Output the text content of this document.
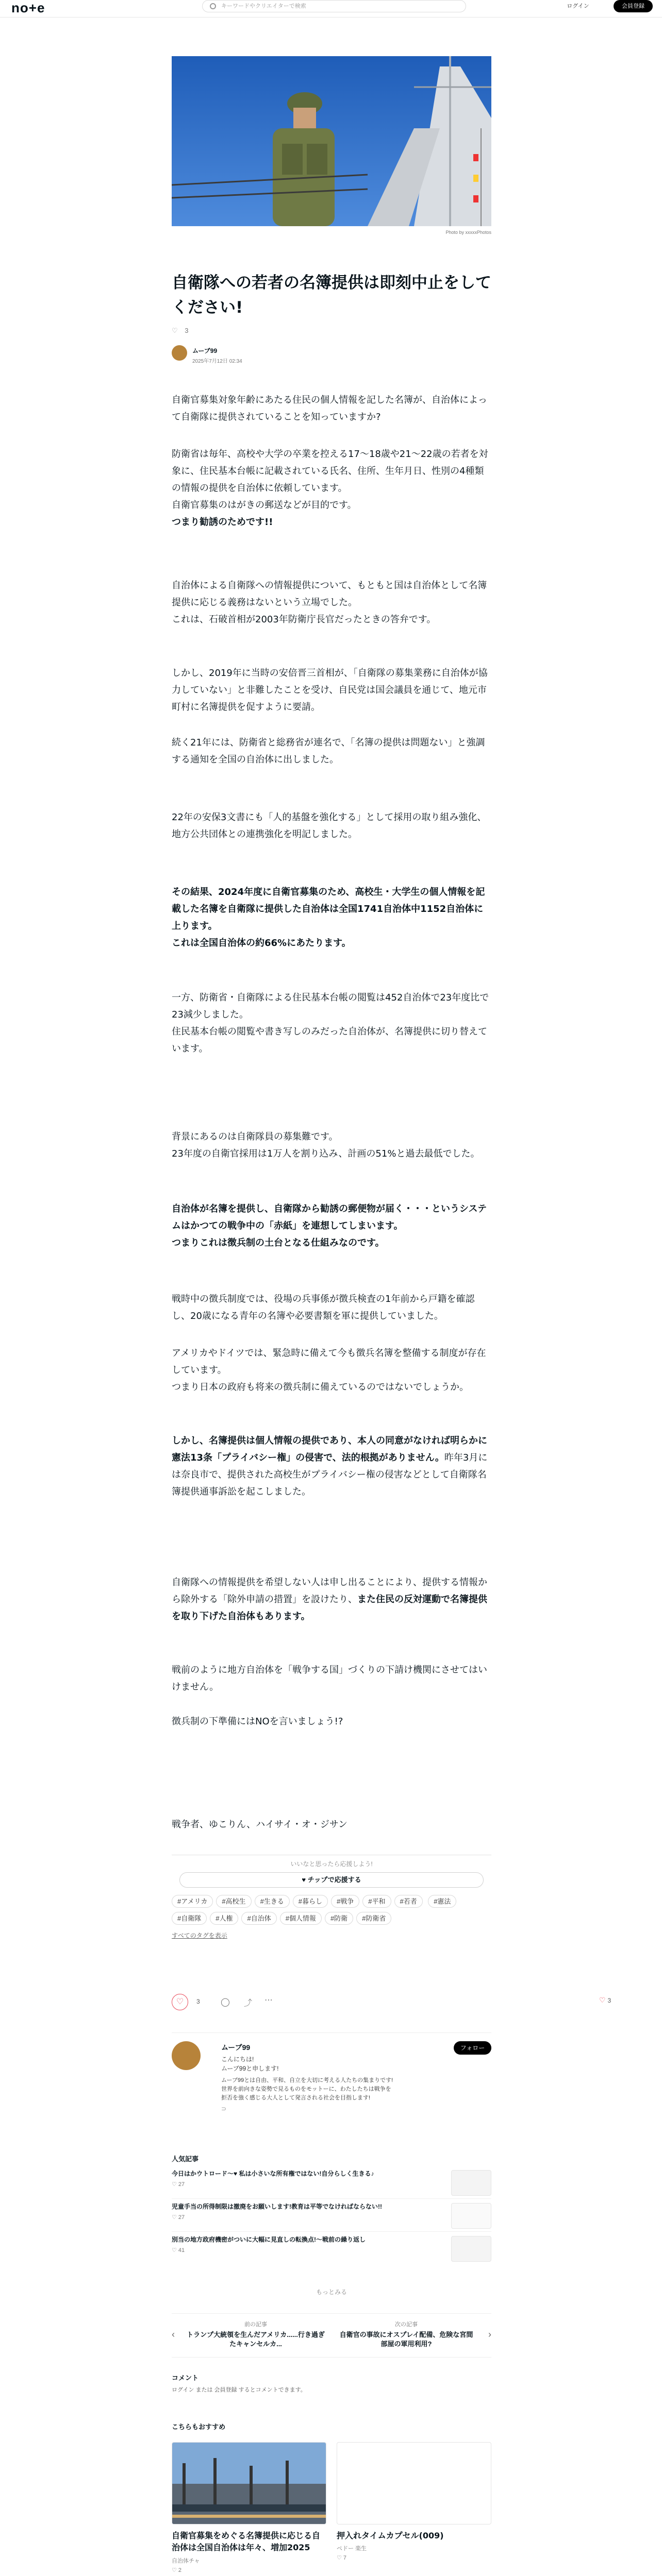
no+e	キーワードやクリエイターで検索	ログイン	会員登録
Photo by xxxxxPhotos
自衛隊への若者の名簿提供は即刻中止をしてください!
♡ 3
ムーブ99
2025年7月12日 02:34
自衛官募集対象年齢にあたる住民の個人情報を記した名簿が、自治体によって自衛隊に提供されていることを知っていますか?
防衛省は毎年、高校や大学の卒業を控える17〜18歳や21〜22歳の若者を対象に、住民基本台帳に記載されている氏名、住所、生年月日、性別の4種類の情報の提供を自治体に依頼しています。
自衛官募集のはがきの郵送などが目的です。
つまり勧誘のためです!!
自治体による自衛隊への情報提供について、もともと国は自治体として名簿提供に応じる義務はないという立場でした。
これは、石破首相が2003年防衛庁長官だったときの答弁です。
しかし、2019年に当時の安倍晋三首相が、「自衛隊の募集業務に自治体が協力していない」と非難したことを受け、自民党は国会議員を通じて、地元市町村に名簿提供を促すように要請。
続く21年には、防衛省と総務省が連名で、「名簿の提供は問題ない」と強調する通知を全国の自治体に出しました。
22年の安保3文書にも「人的基盤を強化する」として採用の取り組み強化、地方公共団体との連携強化を明記しました。
その結果、2024年度に自衛官募集のため、高校生・大学生の個人情報を記載した名簿を自衛隊に提供した自治体は全国1741自治体中1152自治体に上ります。
これは全国自治体の約66%にあたります。
一方、防衛省・自衛隊による住民基本台帳の閲覧は452自治体で23年度比で23減少しました。
住民基本台帳の閲覧や書き写しのみだった自治体が、名簿提供に切り替えています。
背景にあるのは自衛隊員の募集難です。
23年度の自衛官採用は1万人を割り込み、計画の51%と過去最低でした。
自治体が名簿を提供し、自衛隊から勧誘の郵便物が届く・・・というシステムはかつての戦争中の「赤紙」を連想してしまいます。
つまりこれは徴兵制の土台となる仕組みなのです。
戦時中の徴兵制度では、役場の兵事係が徴兵検査の1年前から戸籍を確認し、20歳になる青年の名簿や必要書類を軍に提供していました。
アメリカやドイツでは、緊急時に備えて今も徴兵名簿を整備する制度が存在しています。
つまり日本の政府も将来の徴兵制に備えているのではないでしょうか。
しかし、名簿提供は個人情報の提供であり、本人の同意がなければ明らかに憲法13条「プライバシー権」の侵害で、法的根拠がありません。昨年3月には奈良市で、提供された高校生がプライバシー権の侵害などとして自衛隊名簿提供通事訴訟を起こしました。
自衛隊への情報提供を希望しない人は申し出ることにより、提供する情報から除外する「除外申請の措置」を設けたり、また住民の反対運動で名簿提供を取り下げた自治体もあります。
戦前のように地方自治体を「戦争する国」づくりの下請け機関にさせてはいけません。
徴兵制の下準備にはNOを言いましょう!?
戦争者、ゆこりん、ハイサイ・オ・ジサン
いいなと思ったら応援しよう!
♥ チップで応援する
#アメリカ #高校生 #生きる #暮らし #戦争 #平和 #若者 #憲法#自衛隊 #人権 #自治体 #個人情報 #防衛 #防衛省
すべてのタグを表示
♡	3	◯ ⤴ ⋯	♡ 3
ムーブ99	フォロー
こんにちは!
ムーブ99と申します!
ムーブ99とは自由、平和、自立を大切に考える人たちの集まりです! 世界を前向きな姿勢で見るものをモットーに、わたしたちは戦争を拒否を強く感じる大人として発言される社会を目指します!
⊃
人気記事
今日はかウトロード〜♥ 私は小さいな所有権ではない!自分らしく生きる♪
♡ 27
児童手当の所得制限は撤廃をお願いします!教育は平等でなければならない!!
♡ 27
別当の地方政府機密がついに大幅に見直しの転換点!〜戦前の繰り返し
♡ 41
もっとみる
‹
前の記事
トランプ大統領を生んだアメリカ......行き過ぎたキャンセルカ...
次の記事
自衛官の事故にオスプレイ配備、危険な宮間部屋の軍用利用?
›
コメント
ログイン または 会員登録 するとコメントできます。
こちらもおすすめ
自衛官募集をめぐる名簿提供に応じる自治体は全国自治体は年々、増加2025
自治体チャ
♡ 2
押入れタイムカプセル(009)
ペドー 楽生
♡ 7
